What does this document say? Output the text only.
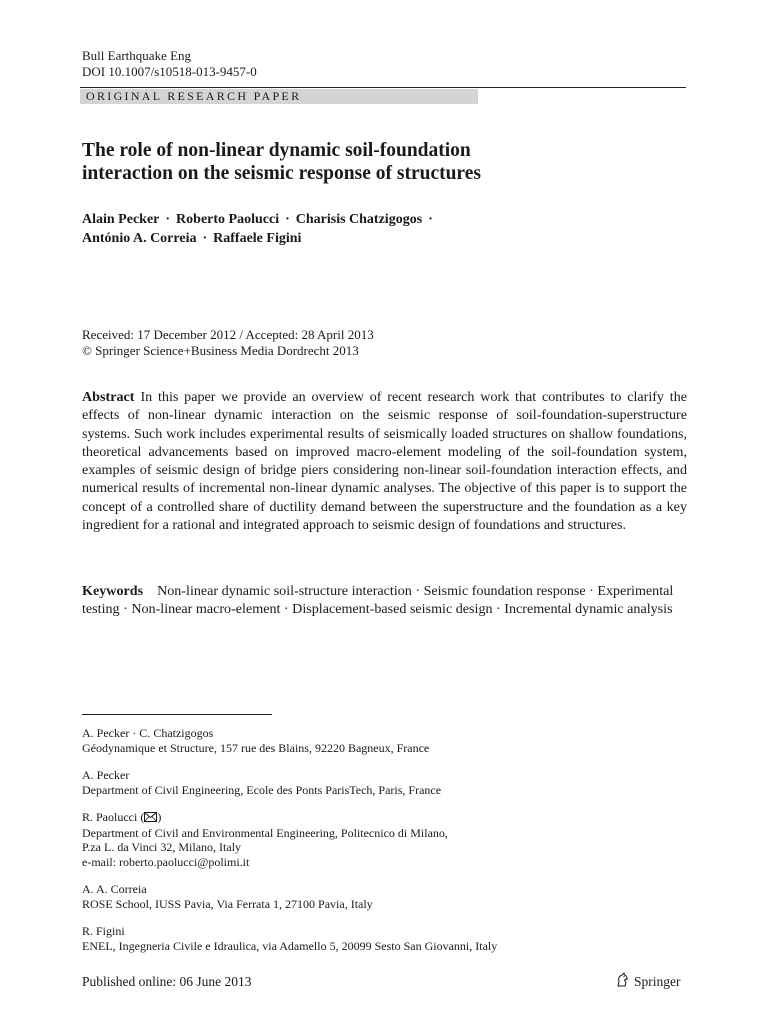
Bull Earthquake Eng
DOI 10.1007/s10518-013-9457-0
ORIGINAL RESEARCH PAPER
The role of non-linear dynamic soil-foundation
interaction on the seismic response of structures
Alain Pecker · Roberto Paolucci · Charisis Chatzigogos ·
António A. Correia · Raffaele Figini
Received: 17 December 2012 / Accepted: 28 April 2013
© Springer Science+Business Media Dordrecht 2013
Abstract In this paper we provide an overview of recent research work that contributes to clarify the effects of non-linear dynamic interaction on the seismic response of soil-foundation-superstructure systems. Such work includes experimental results of seismically loaded structures on shallow foundations, theoretical advancements based on improved macro-element modeling of the soil-foundation system, examples of seismic design of bridge piers considering non-linear soil-foundation interaction effects, and numerical results of incremental non-linear dynamic analyses. The objective of this paper is to support the concept of a controlled share of ductility demand between the superstructure and the foundation as a key ingredient for a rational and integrated approach to seismic design of foundations and structures.
Keywords Non-linear dynamic soil-structure interaction · Seismic foundation response · Experimental testing · Non-linear macro-element · Displacement-based seismic design · Incremental dynamic analysis
A. Pecker · C. Chatzigogos
Géodynamique et Structure, 157 rue des Blains, 92220 Bagneux, France
A. Pecker
Department of Civil Engineering, Ecole des Ponts ParisTech, Paris, France
R. Paolucci ( )
Department of Civil and Environmental Engineering, Politecnico di Milano,
P.za L. da Vinci 32, Milano, Italy
e-mail: roberto.paolucci@polimi.it
A. A. Correia
ROSE School, IUSS Pavia, Via Ferrata 1, 27100 Pavia, Italy
R. Figini
ENEL, Ingegneria Civile e Idraulica, via Adamello 5, 20099 Sesto San Giovanni, Italy
Published online: 06 June 2013	Springer
